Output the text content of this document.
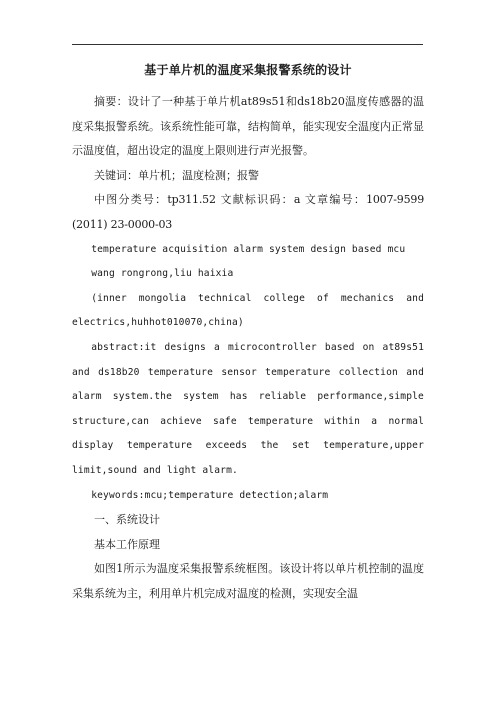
基于单片机的温度采集报警系统的设计

摘要：设计了一种基于单片机at89s51和ds18b20温度传感器的温度采集报警系统。该系统性能可靠，结构简单，能实现安全温度内正常显示温度值，超出设定的温度上限则进行声光报警。

关键词：单片机；温度检测；报警

中图分类号：tp311.52 文献标识码：a 文章编号：1007-9599 (2011) 23-0000-03

temperature acquisition alarm system design based mcu

wang rongrong,liu haixia

(inner mongolia technical college of mechanics and electrics,huhhot010070,china)

abstract:it designs a microcontroller based on at89s51 and ds18b20 temperature sensor temperature collection and alarm system.the system has reliable performance,simple structure,can achieve safe temperature within a normal display temperature exceeds the set temperature,upper limit,sound and light alarm.

keywords:mcu;temperature detection;alarm

一、系统设计

基本工作原理

如图1所示为温度采集报警系统框图。该设计将以单片机控制的温度采集系统为主，利用单片机完成对温度的检测，实现安全温
